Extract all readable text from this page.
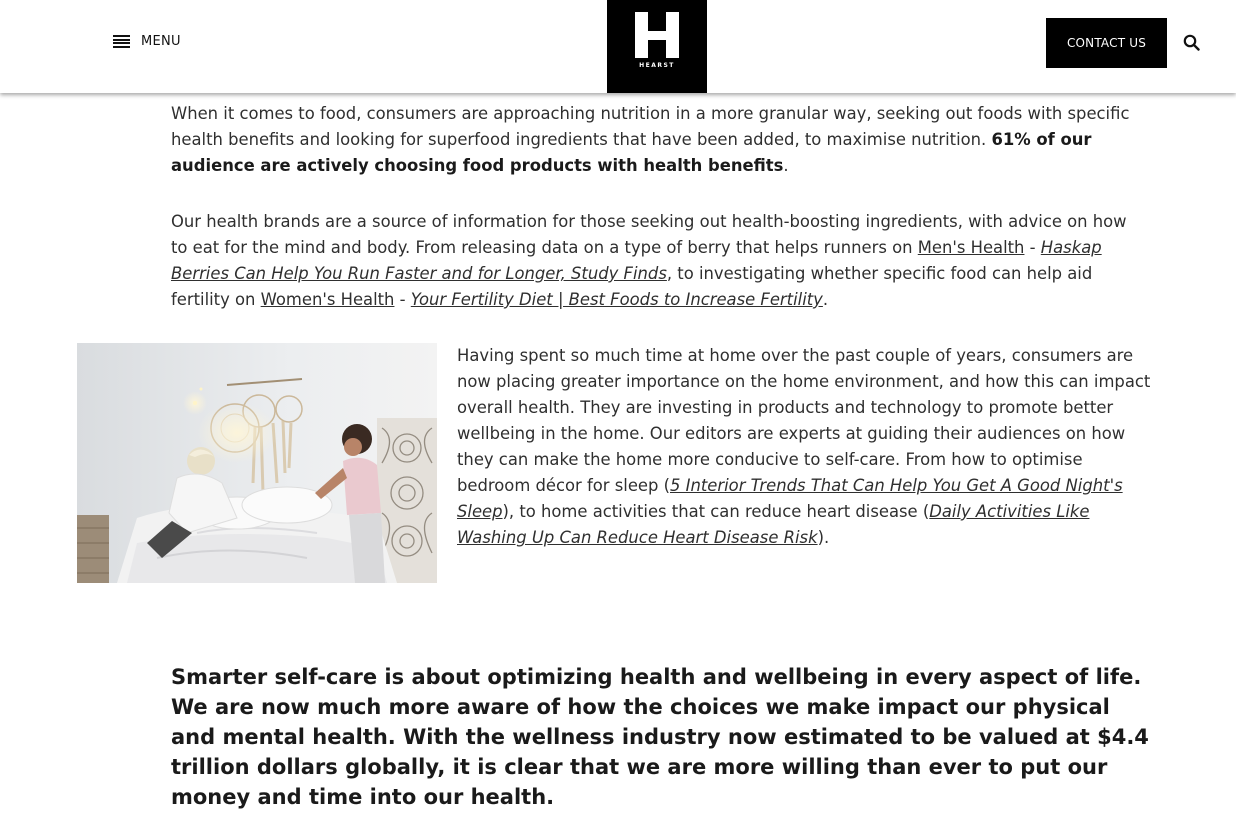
When it comes to food, consumers are approaching nutrition in a more granular way, seeking out foods with specific health benefits and looking for superfood ingredients that have been added, to maximise nutrition. 61% of our audience are actively choosing food products with health benefits.

Our health brands are a source of information for those seeking out health-boosting ingredients, with advice on how to eat for the mind and body. From releasing data on a type of berry that helps runners on Men's Health - Haskap Berries Can Help You Run Faster and for Longer, Study Finds, to investigating whether specific food can help aid fertility on Women's Health - Your Fertility Diet | Best Foods to Increase Fertility.

Having spent so much time at home over the past couple of years, consumers are now placing greater importance on the home environment, and how this can impact overall health. They are investing in products and technology to promote better wellbeing in the home. Our editors are experts at guiding their audiences on how they can make the home more conducive to self-care. From how to optimise bedroom décor for sleep (5 Interior Trends That Can Help You Get A Good Night's Sleep), to home activities that can reduce heart disease (Daily Activities Like Washing Up Can Reduce Heart Disease Risk).

Smarter self-care is about optimizing health and wellbeing in every aspect of life. We are now much more aware of how the choices we make impact our physical and mental health. With the wellness industry now estimated to be valued at $4.4 trillion dollars globally, it is clear that we are more willing than ever to put our money and time into our health.

MENU
HEARST
CONTACT US
